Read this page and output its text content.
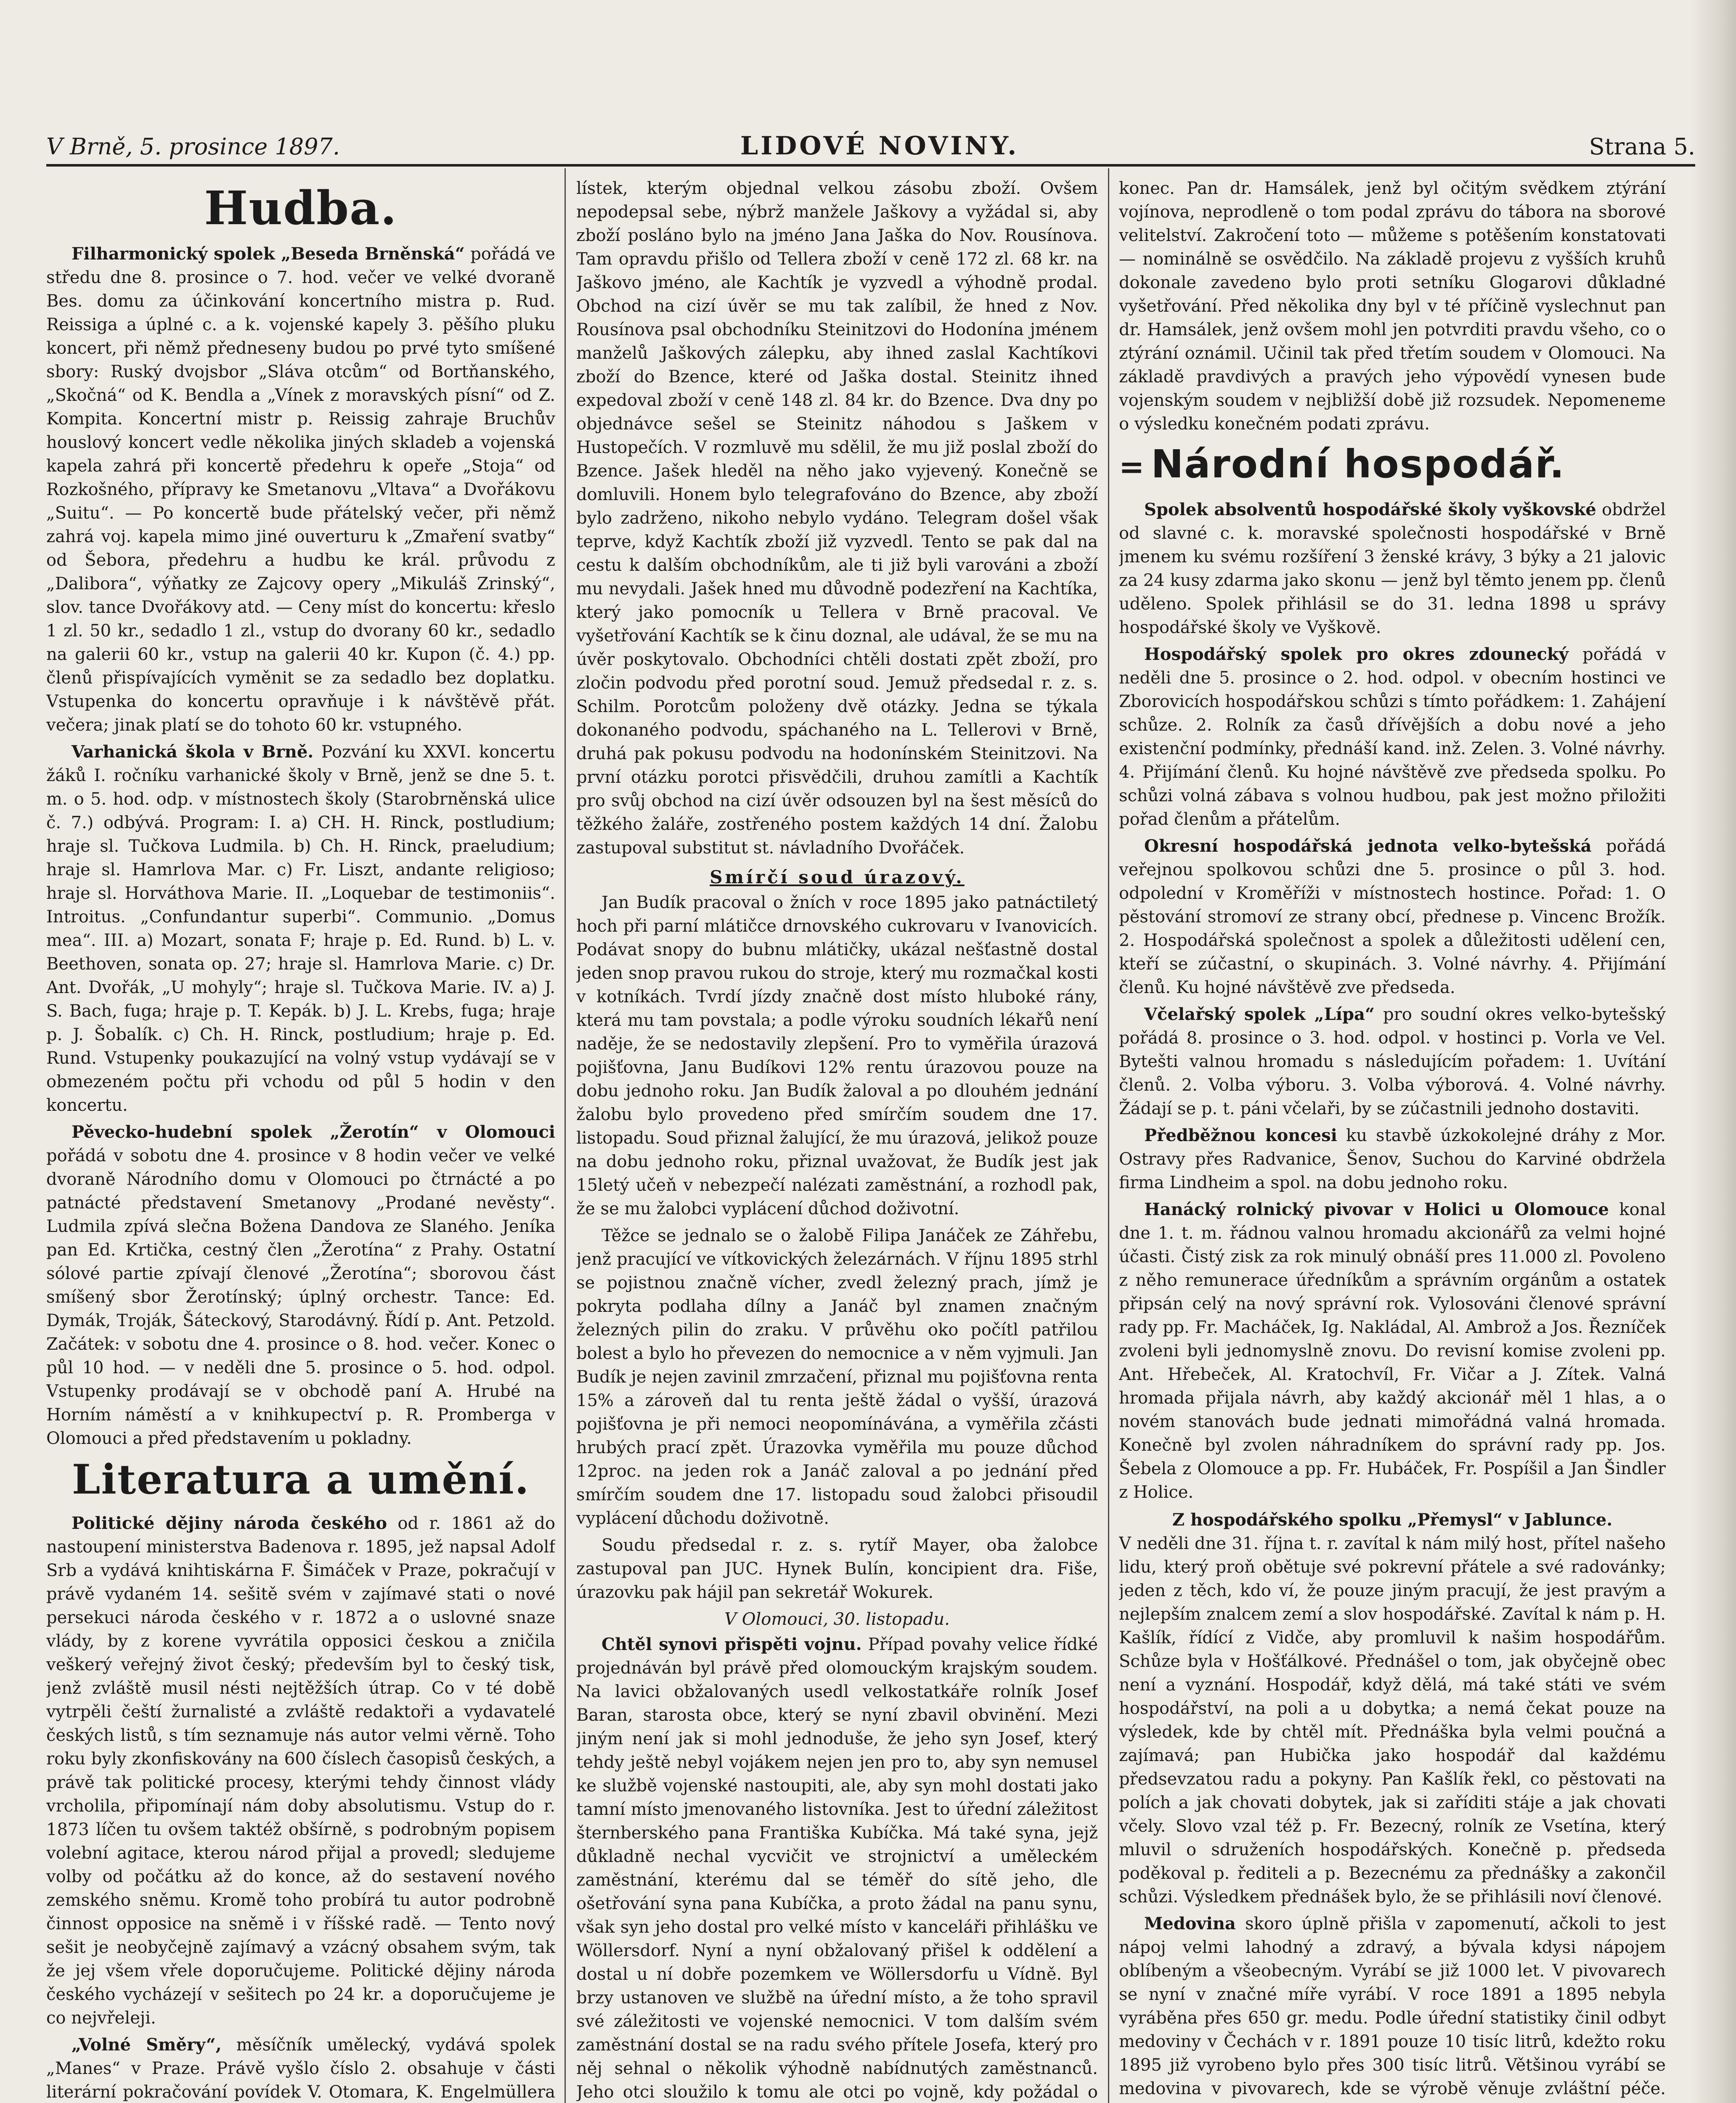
V Brně, 5. prosince 1897.	LIDOVÉ NOVINY.	Strana 5.
Hudba.

Filharmonický spolek „Beseda Brněnská“ pořádá ve středu dne 8. prosince o 7. hod. večer ve velké dvoraně Bes. domu za účinkování koncertního mistra p. Rud. Reissiga a úplné c. a k. vojenské kapely 3. pěšího pluku koncert, při němž předneseny budou po prvé tyto smíšené sbory: Ruský dvojsbor „Sláva otcům“ od Bortňanského, „Skočná“ od K. Bendla a „Vínek z moravských písní“ od Z. Kompita. Koncertní mistr p. Reissig zahraje Bruchův houslový koncert vedle několika jiných skladeb a vojenská kapela zahrá při koncertě předehru k opeře „Stoja“ od Rozkošného, přípravy ke Smetanovu „Vltava“ a Dvořákovu „Suitu“. — Po koncertě bude přátelský večer, při němž zahrá voj. kapela mimo jiné ouverturu k „Zmaření svatby“ od Šebora, předehru a hudbu ke král. průvodu z „Dalibora“, výňatky ze Zajcovy opery „Mikuláš Zrinský“, slov. tance Dvořákovy atd. — Ceny míst do koncertu: křeslo 1 zl. 50 kr., sedadlo 1 zl., vstup do dvorany 60 kr., sedadlo na galerii 60 kr., vstup na galerii 40 kr. Kupon (č. 4.) pp. členů přispívajících vyměnit se za sedadlo bez doplatku. Vstupenka do koncertu opravňuje i k návštěvě přát. večera; jinak platí se do tohoto 60 kr. vstupného.

Varhanická škola v Brně. Pozvání ku XXVI. koncertu žáků I. ročníku varhanické školy v Brně, jenž se dne 5. t. m. o 5. hod. odp. v místnostech školy (Starobrněnská ulice č. 7.) odbývá. Program: I. a) CH. H. Rinck, postludium; hraje sl. Tučkova Ludmila. b) Ch. H. Rinck, praeludium; hraje sl. Hamrlova Mar. c) Fr. Liszt, andante religioso; hraje sl. Horváthova Marie. II. „Loquebar de testimoniis“. Introitus. „Confundantur superbi“. Communio. „Domus mea“. III. a) Mozart, sonata F; hraje p. Ed. Rund. b) L. v. Beethoven, sonata op. 27; hraje sl. Hamrlova Marie. c) Dr. Ant. Dvořák, „U mohyly“; hraje sl. Tučkova Marie. IV. a) J. S. Bach, fuga; hraje p. T. Kepák. b) J. L. Krebs, fuga; hraje p. J. Šobalík. c) Ch. H. Rinck, postludium; hraje p. Ed. Rund. Vstupenky poukazující na volný vstup vydávají se v obmezeném počtu při vchodu od půl 5 hodin v den koncertu.

Pěvecko-hudební spolek „Žerotín“ v Olomouci pořádá v sobotu dne 4. prosince v 8 hodin večer ve velké dvoraně Národního domu v Olomouci po čtrnácté a po patnácté představení Smetanovy „Prodané nevěsty“. Ludmila zpívá slečna Božena Dandova ze Slaného. Jeníka pan Ed. Krtička, cestný člen „Žerotína“ z Prahy. Ostatní sólové partie zpívají členové „Žerotína“; sborovou část smíšený sbor Žerotínský; úplný orchestr. Tance: Ed. Dymák, Troják, Šáteckový, Starodávný. Řídí p. Ant. Petzold. Začátek: v sobotu dne 4. prosince o 8. hod. večer. Konec o půl 10 hod. — v neděli dne 5. prosince o 5. hod. odpol. Vstupenky prodávají se v obchodě paní A. Hrubé na Horním náměstí a v knihkupectví p. R. Promberga v Olomouci a před představením u pokladny.

Literatura a umění.

Politické dějiny národa českého od r. 1861 až do nastoupení ministerstva Badenova r. 1895, jež napsal Adolf Srb a vydává knihtiskárna F. Šimáček v Praze, pokračují v právě vydaném 14. sešitě svém v zajímavé stati o nové persekuci národa českého v r. 1872 a o uslovné snaze vlády, by z korene vyvrátila opposici českou a zničila veškerý veřejný život český; především byl to český tisk, jenž zvláště musil nésti nejtěžších útrap. Co v té době vytrpěli čeští žurnalisté a zvláště redaktoři a vydavatelé českých listů, s tím seznamuje nás autor velmi věrně. Toho roku byly zkonfiskovány na 600 číslech časopisů českých, a právě tak politické procesy, kterými tehdy činnost vlády vrcholila, připomínají nám doby absolutismu. Vstup do r. 1873 líčen tu ovšem taktéž obšírně, s podrobným popisem volební agitace, kterou národ přijal a provedl; sledujeme volby od počátku až do konce, až do sestavení nového zemského sněmu. Kromě toho probírá tu autor podrobně činnost opposice na sněmě i v říšské radě. — Tento nový sešit je neobyčejně zajímavý a vzácný obsahem svým, tak že jej všem vřele doporučujeme. Politické dějiny národa českého vycházejí v sešitech po 24 kr. a doporučujeme je co nejvřeleji.

„Volné Směry“, měsíčník umělecký, vydává spolek „Manes“ v Praze. Právě vyšlo číslo 2. obsahuje v části literární pokračování povídek V. Otomara, K. Engelmüllera

lístek, kterým objednal velkou zásobu zboží. Ovšem nepodepsal sebe, nýbrž manžele Jaškovy a vyžádal si, aby zboží posláno bylo na jméno Jana Jaška do Nov. Rousínova. Tam opravdu přišlo od Tellera zboží v ceně 172 zl. 68 kr. na Jaškovo jméno, ale Kachtík je vyzvedl a výhodně prodal. Obchod na cizí úvěr se mu tak zalíbil, že hned z Nov. Rousínova psal obchodníku Steinitzovi do Hodonína jménem manželů Jaškových zálepku, aby ihned zaslal Kachtíkovi zboží do Bzence, které od Jaška dostal. Steinitz ihned expedoval zboží v ceně 148 zl. 84 kr. do Bzence. Dva dny po objednávce sešel se Steinitz náhodou s Jaškem v Hustopečích. V rozmluvě mu sdělil, že mu již poslal zboží do Bzence. Jašek hleděl na něho jako vyjevený. Konečně se domluvili. Honem bylo telegrafováno do Bzence, aby zboží bylo zadrženo, nikoho nebylo vydáno. Telegram došel však teprve, když Kachtík zboží již vyzvedl. Tento se pak dal na cestu k dalším obchodníkům, ale ti již byli varováni a zboží mu nevydali. Jašek hned mu důvodně podezření na Kachtíka, který jako pomocník u Tellera v Brně pracoval. Ve vyšetřování Kachtík se k činu doznal, ale udával, že se mu na úvěr poskytovalo. Obchodníci chtěli dostati zpět zboží, pro zločin podvodu před porotní soud. Jemuž předsedal r. z. s. Schilm. Porotcům položeny dvě otázky. Jedna se týkala dokonaného podvodu, spáchaného na L. Tellerovi v Brně, druhá pak pokusu podvodu na hodonínském Steinitzovi. Na první otázku porotci přisvědčili, druhou zamítli a Kachtík pro svůj obchod na cizí úvěr odsouzen byl na šest měsíců do těžkého žaláře, zostřeného postem každých 14 dní. Žalobu zastupoval substitut st. návladního Dvořáček.

Smírčí soud úrazový.

Jan Budík pracoval o žních v roce 1895 jako patnáctiletý hoch při parní mlátičce drnovského cukrovaru v Ivanovicích. Podávat snopy do bubnu mlátičky, ukázal nešťastně dostal jeden snop pravou rukou do stroje, který mu rozmačkal kosti v kotníkách. Tvrdí jízdy značně dost místo hluboké rány, která mu tam povstala; a podle výroku soudních lékařů není naděje, že se nedostavily zlepšení. Pro to vyměřila úrazová pojišťovna, Janu Budíkovi 12% rentu úrazovou pouze na dobu jednoho roku. Jan Budík žaloval a po dlouhém jednání žalobu bylo provedeno před smírčím soudem dne 17. listopadu. Soud přiznal žalující, že mu úrazová, jelikož pouze na dobu jednoho roku, přiznal uvažovat, že Budík jest jak 15letý učeň v nebezpečí nalézati zaměstnání, a rozhodl pak, že se mu žalobci vyplácení důchod doživotní.

Těžce se jednalo se o žalobě Filipa Janáček ze Záhřebu, jenž pracující ve vítkovických železárnách. V říjnu 1895 strhl se pojistnou značně vícher, zvedl železný prach, jímž je pokryta podlaha dílny a Janáč byl znamen značným železných pilin do zraku. V průvěhu oko počítl patřilou bolest a bylo ho převezen do nemocnice a v něm vyjmuli. Jan Budík je nejen zavinil zmrzačení, přiznal mu pojišťovna renta 15% a zároveň dal tu renta ještě žádal o vyšší, úrazová pojišťovna je při nemoci neopomínávána, a vyměřila zčásti hrubých prací zpět. Úrazovka vyměřila mu pouze důchod 12proc. na jeden rok a Janáč zaloval a po jednání před smírčím soudem dne 17. listopadu soud žalobci přisoudil vyplácení důchodu doživotně.

Soudu předsedal r. z. s. rytíř Mayer, oba žalobce zastupoval pan JUC. Hynek Bulín, koncipient dra. Fiše, úrazovku pak hájil pan sekretář Wokurek.

V Olomouci, 30. listopadu.

Chtěl synovi přispěti vojnu. Případ povahy velice řídké projednáván byl právě před olomouckým krajským soudem. Na lavici obžalovaných usedl velkostatkáře rolník Josef Baran, starosta obce, který se nyní zbavil obvinění. Mezi jiným není jak si mohl jednoduše, že jeho syn Josef, který tehdy ještě nebyl vojákem nejen jen pro to, aby syn nemusel ke službě vojenské nastoupiti, ale, aby syn mohl dostati jako tamní místo jmenovaného listovníka. Jest to úřední záležitost šternberského pana Františka Kubíčka. Má také syna, jejž důkladně nechal vycvičit ve strojnictví a uměleckém zaměstnání, kterému dal se téměř do sítě jeho, dle ošetřování syna pana Kubíčka, a proto žádal na panu synu, však syn jeho dostal pro velké místo v kanceláři přihlášku ve Wöllersdorf. Nyní a nyní obžalovaný přišel k oddělení a dostal u ní dobře pozemkem ve Wöllersdorfu u Vídně. Byl brzy ustanoven ve službě na úřední místo, a že toho spravil své záležitosti ve vojenské nemocnici. V tom dalším svém zaměstnání dostal se na radu svého přítele Josefa, který pro něj sehnal o několik výhodně nabídnutých zaměstnanců. Jeho otci sloužilo k tomu ale otci po vojně, kdy požádal o

konec. Pan dr. Hamsálek, jenž byl očitým svědkem ztýrání vojínova, neprodleně o tom podal zprávu do tábora na sborové velitelství. Zakročení toto — můžeme s potěšením konstatovati — nominálně se osvědčilo. Na základě projevu z vyšších kruhů dokonale zavedeno bylo proti setníku Glogarovi důkladné vyšetřování. Před několika dny byl v té příčině vyslechnut pan dr. Hamsálek, jenž ovšem mohl jen potvrditi pravdu všeho, co o ztýrání oznámil. Učinil tak před třetím soudem v Olomouci. Na základě pravdivých a pravých jeho výpovědí vynesen bude vojenským soudem v nejbližší době již rozsudek. Nepomeneme o výsledku konečném podati zprávu.

= Národní hospodář.

Spolek absolventů hospodářské školy vyškovské obdržel od slavné c. k. moravské společnosti hospodářské v Brně jmenem ku svému rozšíření 3 ženské krávy, 3 býky a 21 jalovic za 24 kusy zdarma jako skonu — jenž byl těmto jenem pp. členů uděleno. Spolek přihlásil se do 31. ledna 1898 u správy hospodářské školy ve Vyškově.

Hospodářský spolek pro okres zdounecký pořádá v neděli dne 5. prosince o 2. hod. odpol. v obecním hostinci ve Zborovicích hospodářskou schůzi s tímto pořádkem: 1. Zahájení schůze. 2. Rolník za časů dřívějších a dobu nové a jeho existenční podmínky, přednáší kand. inž. Zelen. 3. Volné návrhy. 4. Přijímání členů. Ku hojné návštěvě zve předseda spolku. Po schůzi volná zábava s volnou hudbou, pak jest možno přiložiti pořad členům a přátelům.

Okresní hospodářská jednota velko-bytešská pořádá veřejnou spolkovou schůzi dne 5. prosince o půl 3. hod. odpolední v Kroměříži v místnostech hostince. Pořad: 1. O pěstování stromoví ze strany obcí, přednese p. Vincenc Brožík. 2. Hospodářská společnost a spolek a důležitosti udělení cen, kteří se zúčastní, o skupinách. 3. Volné návrhy. 4. Přijímání členů. Ku hojné návštěvě zve předseda.

Včelařský spolek „Lípa“ pro soudní okres velko-bytešský pořádá 8. prosince o 3. hod. odpol. v hostinci p. Vorla ve Vel. Bytešti valnou hromadu s následujícím pořadem: 1. Uvítání členů. 2. Volba výboru. 3. Volba výborová. 4. Volné návrhy. Žádají se p. t. páni včelaři, by se zúčastnili jednoho dostaviti.

Předběžnou koncesi ku stavbě úzkokolejné dráhy z Mor. Ostravy přes Radvanice, Šenov, Suchou do Karviné obdržela firma Lindheim a spol. na dobu jednoho roku.

Hanácký rolnický pivovar v Holici u Olomouce konal dne 1. t. m. řádnou valnou hromadu akcionářů za velmi hojné účasti. Čistý zisk za rok minulý obnáší pres 11.000 zl. Povoleno z něho remunerace úředníkům a správním orgánům a ostatek připsán celý na nový správní rok. Vylosováni členové správní rady pp. Fr. Macháček, Ig. Nakládal, Al. Ambrož a Jos. Řezníček zvoleni byli jednomyslně znovu. Do revisní komise zvoleni pp. Ant. Hřebeček, Al. Kratochvíl, Fr. Vičar a J. Zítek. Valná hromada přijala návrh, aby každý akcionář měl 1 hlas, a o novém stanovách bude jednati mimořádná valná hromada. Konečně byl zvolen náhradníkem do správní rady pp. Jos. Šebela z Olomouce a pp. Fr. Hubáček, Fr. Pospíšil a Jan Šindler z Holice.

Z hospodářského spolku „Přemysl“ v Jablunce.
V neděli dne 31. října t. r. zavítal k nám milý host, přítel našeho lidu, který proň obětuje své pokrevní přátele a své radovánky; jeden z těch, kdo ví, že pouze jiným pracují, že jest pravým a nejlepším znalcem zemí a slov hospodářské. Zavítal k nám p. H. Kašlík, řídící z Vidče, aby promluvil k našim hospodářům. Schůze byla v Hošťálkové. Přednášel o tom, jak obyčejně obec není a vyznání. Hospodář, když dělá, má také státi ve svém hospodářství, na poli a u dobytka; a nemá čekat pouze na výsledek, kde by chtěl mít. Přednáška byla velmi poučná a zajímavá; pan Hubička jako hospodář dal každému předsevzatou radu a pokyny. Pan Kašlík řekl, co pěstovati na polích a jak chovati dobytek, jak si zaříditi stáje a jak chovati včely. Slovo vzal též p. Fr. Bezecný, rolník ze Vsetína, který mluvil o sdruženích hospodářských. Konečně p. předseda poděkoval p. řediteli a p. Bezecnému za přednášky a zakončil schůzi. Výsledkem přednášek bylo, že se přihlásili noví členové.

Medovina skoro úplně přišla v zapomenutí, ačkoli to jest nápoj velmi lahodný a zdravý, a bývala kdysi nápojem oblíbeným a všeobecným. Vyrábí se již 1000 let. V pivovarech se nyní v značné míře vyrábí. V roce 1891 a 1895 nebyla vyráběna přes 650 gr. medu. Podle úřední statistiky činil odbyt medoviny v Čechách v r. 1891 pouze 10 tisíc litrů, kdežto roku 1895 již vyrobeno bylo přes 300 tisíc litrů. Většinou vyrábí se medovina v pivovarech, kde se výrobě věnuje zvláštní péče.
